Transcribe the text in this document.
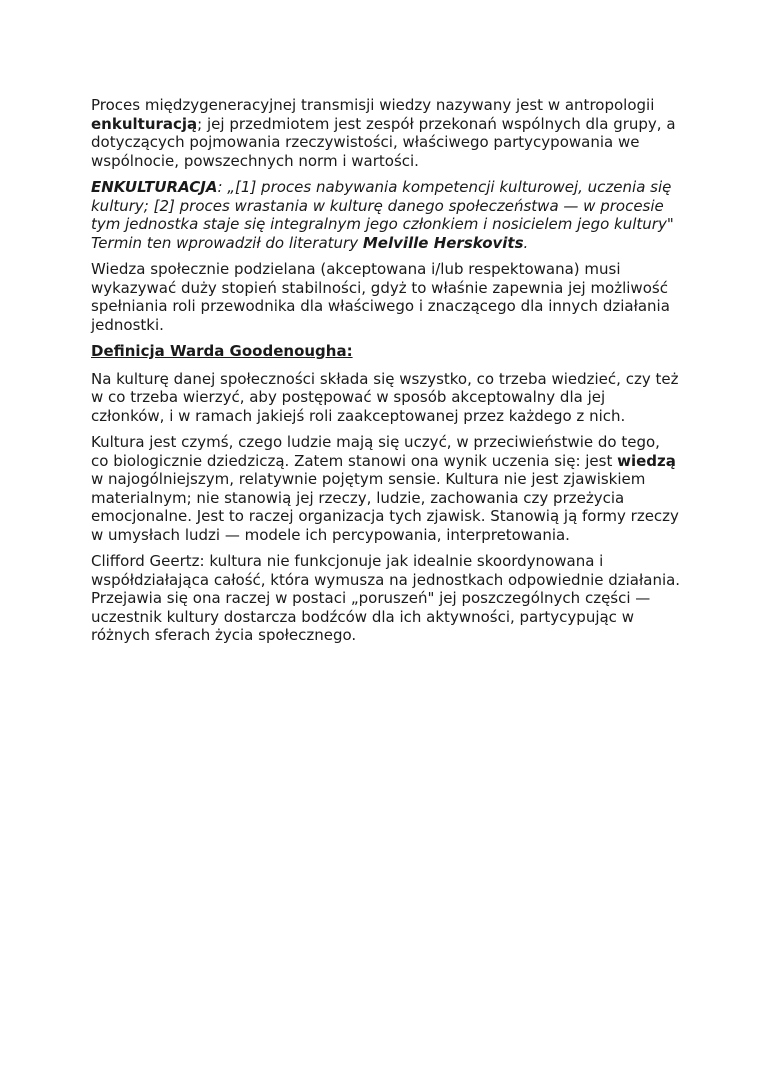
Proces międzygeneracyjnej transmisji wiedzy nazywany jest w antropologii enkulturacją; jej przedmiotem jest zespół przekonań wspólnych dla grupy, a dotyczących pojmowania rzeczywistości, właściwego partycypowania we wspólnocie, powszechnych norm i wartości.

ENKULTURACJA: „[1] proces nabywania kompetencji kulturowej, uczenia się kultury; [2] proces wrastania w kulturę danego społeczeństwa — w procesie tym jednostka staje się integralnym jego członkiem i nosicielem jego kultury" Termin ten wprowadził do literatury Melville Herskovits.

Wiedza społecznie podzielana (akceptowana i/lub respektowana) musi wykazywać duży stopień stabilności, gdyż to właśnie zapewnia jej możliwość spełniania roli przewodnika dla właściwego i znaczącego dla innych działania jednostki.

Definicja Warda Goodenougha:

Na kulturę danej społeczności składa się wszystko, co trzeba wiedzieć, czy też w co trzeba wierzyć, aby postępować w sposób akceptowalny dla jej członków, i w ramach jakiejś roli zaakceptowanej przez każdego z nich.

Kultura jest czymś, czego ludzie mają się uczyć, w przeciwieństwie do tego, co biologicznie dziedziczą. Zatem stanowi ona wynik uczenia się: jest wiedzą w najogólniejszym, relatywnie pojętym sensie. Kultura nie jest zjawiskiem materialnym; nie stanowią jej rzeczy, ludzie, zachowania czy przeżycia emocjonalne. Jest to raczej organizacja tych zjawisk. Stanowią ją formy rzeczy w umysłach ludzi — modele ich percypowania, interpretowania.

Clifford Geertz: kultura nie funkcjonuje jak idealnie skoordynowana i współdziałająca całość, która wymusza na jednostkach odpowiednie działania. Przejawia się ona raczej w postaci „poruszeń" jej poszczególnych części — uczestnik kultury dostarcza bodźców dla ich aktywności, partycypując w różnych sferach życia społecznego.
